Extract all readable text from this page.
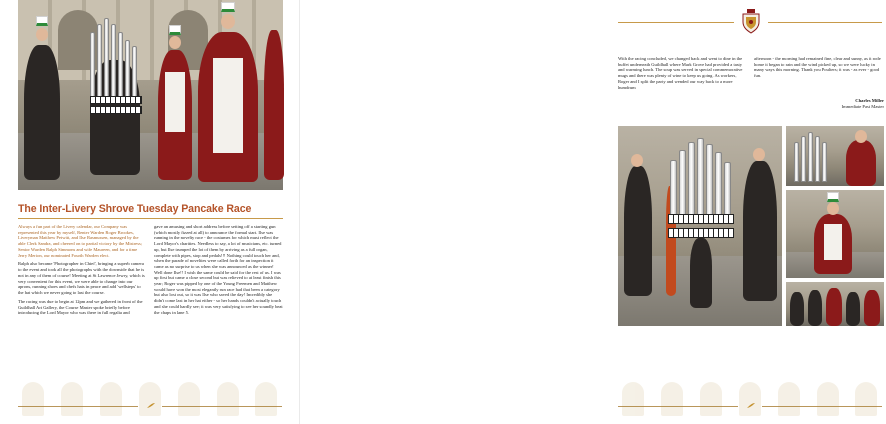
The Inter-Livery Shrove Tuesday Pancake Race

Always a fun part of the Livery calendar, our Company was represented this year by myself, Renter Warden Roger Brookes, Liveryman Matthew Petwitt, and Ilse Rasmussen, managed by the able Clerk Sandra, and cheered on to partial victory by the Mistress; Senior Warden Ralph Simmons and wife Maureen, and for a time Jerry Merion, our nominated Fourth Warden elect.

Ralph also became 'Photographer in Chief', bringing a superb camera to the event and took all the photographs with the downside that he is not in any of them of course! Meeting at St Lawrence Jewry, which is very convenient for this event, we were able to change into our aprons, running shoes and chefs hats in peace and add 'wellsteps' to the hat which we never going to last the course.

The racing was due to begin at 12pm and we gathered in front of the Guildhall Art Gallery, the Course Master spoke briefly before introducing the Lord Mayor who was there in full regalia and

gave an amusing and short address before setting off a starting gun (which mostly fizzed at all) to announce the formal start. Ilse was running in the novelty race - the costumes for which must reflect the Lord Mayor's charities. Needless to say, a lot of musicians, etc. turned up, but Ilse trumped the lot of them by arriving as a full organ, complete with pipes, stop and pedals!!! Nothing could touch her and, when the parade of novelties were called forth for an inspection it came as no surprise to us when she was announced as the winner! Well done Ilse!! I wish the same could be said for the rest of us. I was up first but came a close second but was relieved to at least finish this year; Roger was pipped by one of the Young Freemen and Matthew would have won the most elegantly run race had that been a category but also lost out, so it was Ilse who saved the day! Incredibly she didn't come last in her hat either - so her hands couldn't actually touch and she could hardly see; it was very satisfying to see her soundly beat the chaps in lane 5.

With the racing concluded, we changed back and went to dine in the buffet underneath Guildhall where Mark Grove had provided a tasty and warming lunch. The soup was served in special commemorative mugs and there was plenty of wine to keep us going. As workers, Roger and I split the party and wended our way back to a more humdrum

afternoon - the morning had remained fine, clear and sunny, as it rode home it began to rain and the wind picked up, so we were lucky in many ways this morning. Thank you Poulters; it was - as ever - good fun.

Charles Miller
Immediate Past Master
